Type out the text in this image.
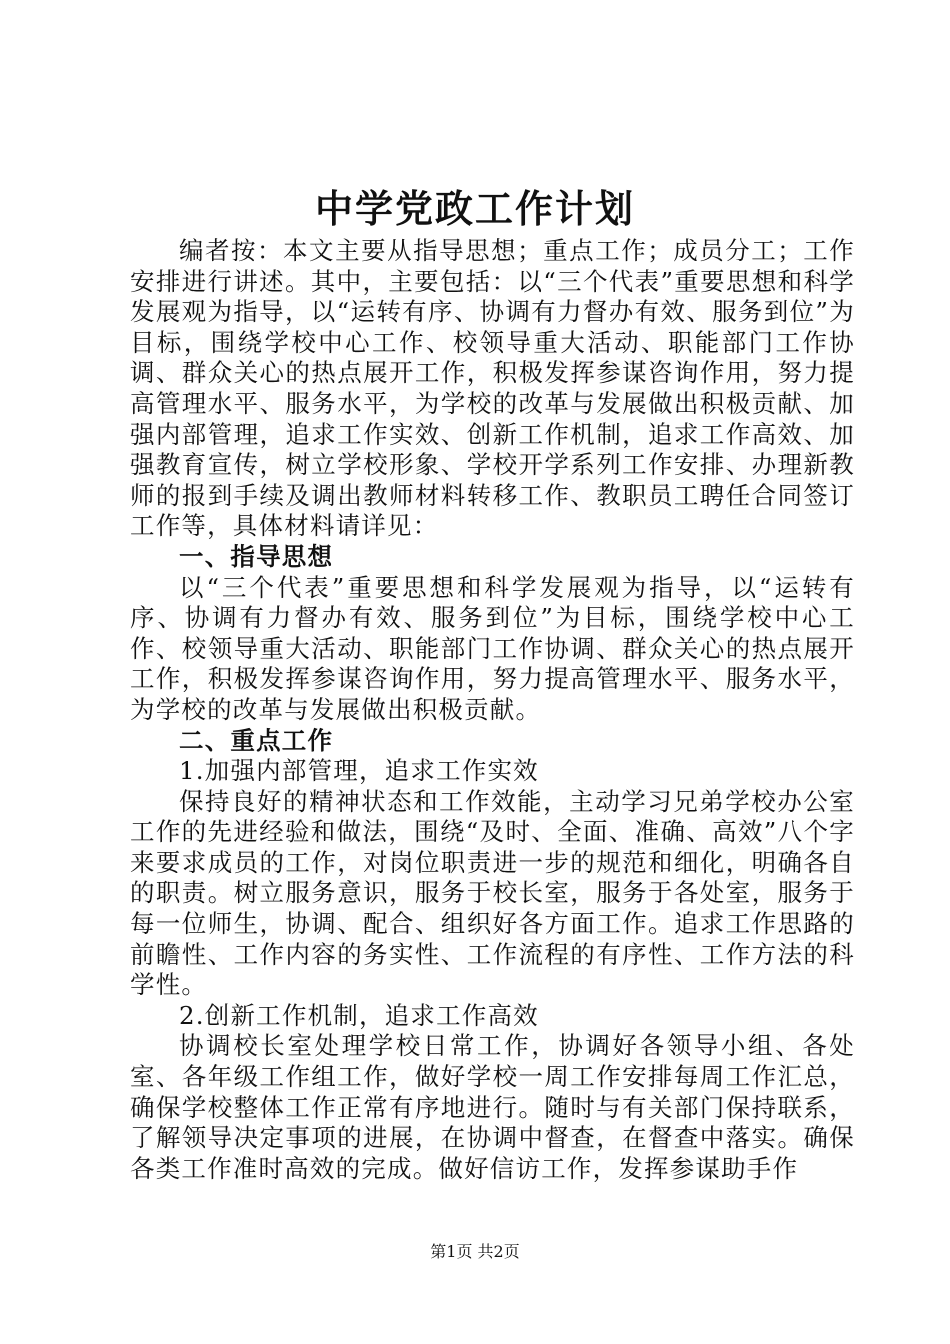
中学党政工作计划

编者按：本文主要从指导思想；重点工作；成员分工；工作安排进行讲述。其中，主要包括：以“三个代表”重要思想和科学发展观为指导，以“运转有序、协调有力督办有效、服务到位”为目标，围绕学校中心工作、校领导重大活动、职能部门工作协调、群众关心的热点展开工作，积极发挥参谋咨询作用，努力提高管理水平、服务水平，为学校的改革与发展做出积极贡献、加强内部管理，追求工作实效、创新工作机制，追求工作高效、加强教育宣传，树立学校形象、学校开学系列工作安排、办理新教师的报到手续及调出教师材料转移工作、教职员工聘任合同签订工作等，具体材料请详见：

一、指导思想

以“三个代表”重要思想和科学发展观为指导，以“运转有序、协调有力督办有效、服务到位”为目标，围绕学校中心工作、校领导重大活动、职能部门工作协调、群众关心的热点展开工作，积极发挥参谋咨询作用，努力提高管理水平、服务水平，为学校的改革与发展做出积极贡献。

二、重点工作

1.加强内部管理，追求工作实效

保持良好的精神状态和工作效能，主动学习兄弟学校办公室工作的先进经验和做法，围绕“及时、全面、准确、高效”八个字来要求成员的工作，对岗位职责进一步的规范和细化，明确各自的职责。树立服务意识，服务于校长室，服务于各处室，服务于每一位师生，协调、配合、组织好各方面工作。追求工作思路的前瞻性、工作内容的务实性、工作流程的有序性、工作方法的科学性。

2.创新工作机制，追求工作高效

协调校长室处理学校日常工作，协调好各领导小组、各处室、各年级工作组工作，做好学校一周工作安排每周工作汇总，确保学校整体工作正常有序地进行。随时与有关部门保持联系，了解领导决定事项的进展，在协调中督查，在督查中落实。确保各类工作准时高效的完成。做好信访工作，发挥参谋助手作

第1页 共2页
